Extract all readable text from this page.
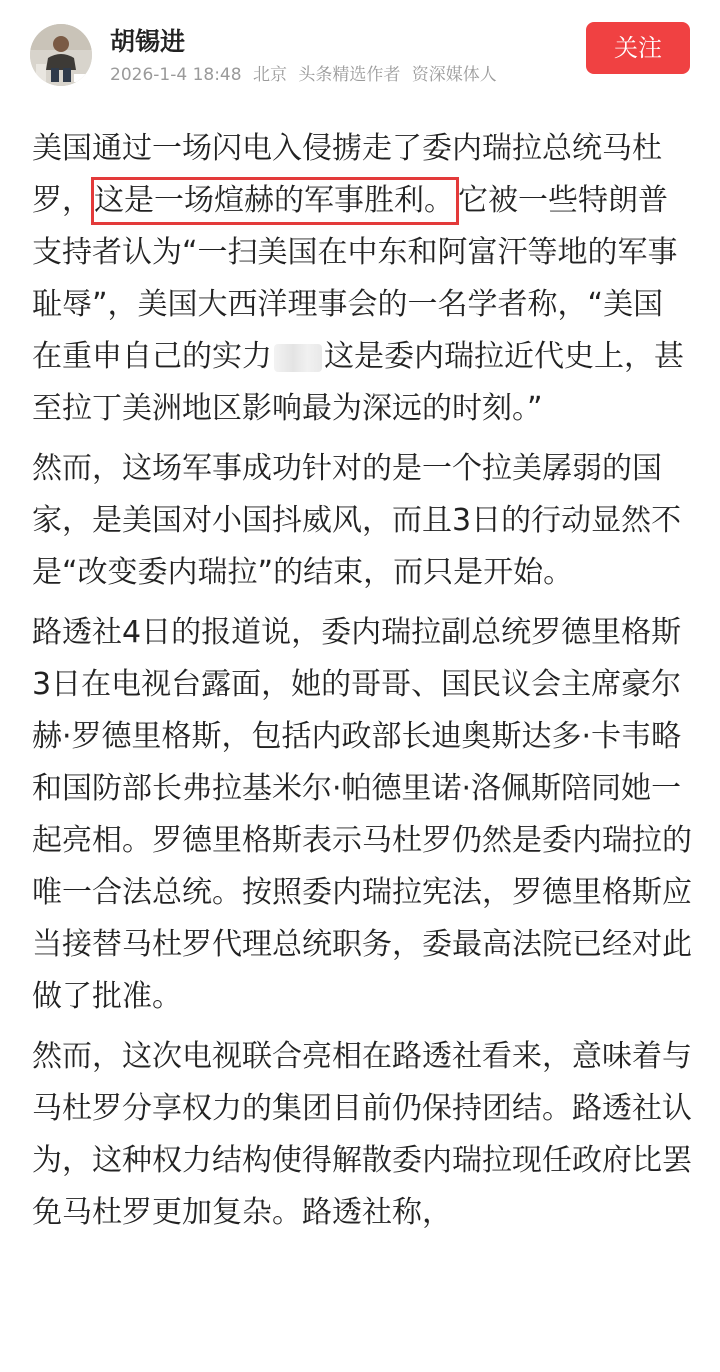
胡锡进
2026-1-4 18:48 北京 头条精选作者 资深媒体人
关注

美国通过一场闪电入侵掳走了委内瑞拉总统马杜罗，这是一场煊赫的军事胜利。 它被一些特朗普支持者认为“一扫美国在中东和阿富汗等地的军事耻辱”，美国大西洋理事会的一名学者称，“美国在重申自己的实力 这是委内瑞拉近代史上，甚至拉丁美洲地区影响最为深远的时刻。”

然而，这场军事成功针对的是一个拉美孱弱的国家，是美国对小国抖威风，而且3日的行动显然不是“改变委内瑞拉”的结束，而只是开始。

路透社4日的报道说，委内瑞拉副总统罗德里格斯3日在电视台露面，她的哥哥、国民议会主席豪尔赫·罗德里格斯，包括内政部长迪奥斯达多·卡韦略和国防部长弗拉基米尔·帕德里诺·洛佩斯陪同她一起亮相。罗德里格斯表示马杜罗仍然是委内瑞拉的唯一合法总统。按照委内瑞拉宪法，罗德里格斯应当接替马杜罗代理总统职务，委最高法院已经对此做了批准。

然而，这次电视联合亮相在路透社看来，意味着与马杜罗分享权力的集团目前仍保持团结。路透社认为，这种权力结构使得解散委内瑞拉现任政府比罢免马杜罗更加复杂。路透社称，
